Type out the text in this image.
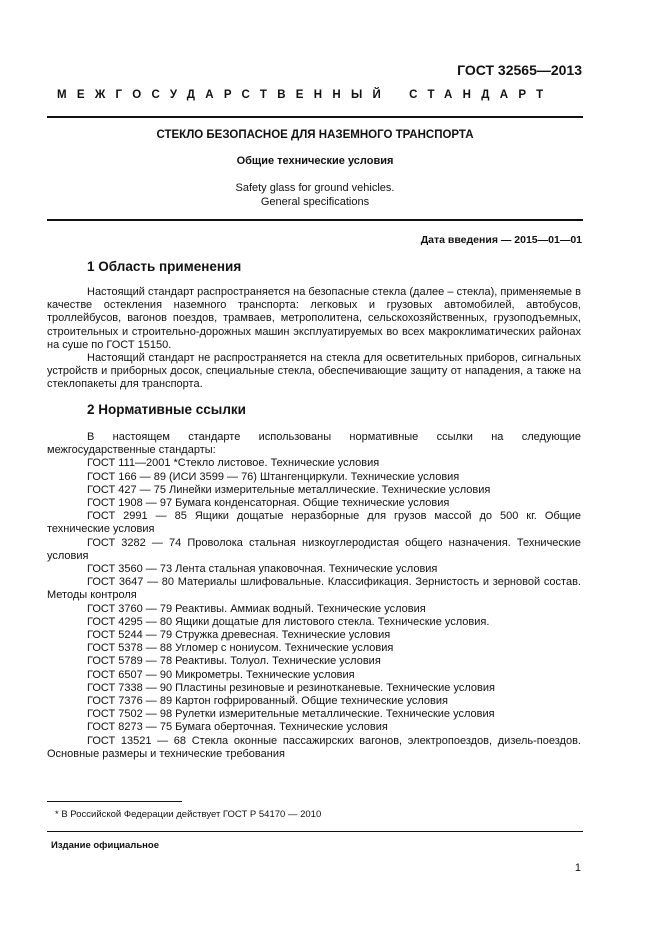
ГОСТ 32565—2013
МЕЖГОСУДАРСТВЕННЫЙ СТАНДАРТ
СТЕКЛО БЕЗОПАСНОЕ ДЛЯ НАЗЕМНОГО ТРАНСПОРТА
Общие технические условия
Safety glass for ground vehicles.
General specifications
Дата введения — 2015—01—01
1 Область применения

Настоящий стандарт распространяется на безопасные стекла (далее – стекла), применяемые в качестве остекления наземного транспорта: легковых и грузовых автомобилей, автобусов, троллейбусов, вагонов поездов, трамваев, метрополитена, сельскохозяйственных, грузоподъемных, строительных и строительно-дорожных машин эксплуатируемых во всех макроклиматических районах на суше по ГОСТ 15150.

Настоящий стандарт не распространяется на стекла для осветительных приборов, сигнальных устройств и приборных досок, специальные стекла, обеспечивающие защиту от нападения, а также на стеклопакеты для транспорта.

2 Нормативные ссылки

В настоящем стандарте использованы нормативные ссылки на следующие межгосударственные стандарты:

ГОСТ 111—2001 *Стекло листовое. Технические условия

ГОСТ 166 — 89 (ИСИ 3599 — 76) Штангенциркули. Технические условия

ГОСТ 427 — 75 Линейки измерительные металлические. Технические условия

ГОСТ 1908 — 97 Бумага конденсаторная. Общие технические условия

ГОСТ 2991 — 85 Ящики дощатые неразборные для грузов массой до 500 кг. Общие технические условия

ГОСТ 3282 — 74 Проволока стальная низкоуглеродистая общего назначения. Технические условия

ГОСТ 3560 — 73 Лента стальная упаковочная. Технические условия

ГОСТ 3647 — 80 Материалы шлифовальные. Классификация. Зернистость и зерновой состав. Методы контроля

ГОСТ 3760 — 79 Реактивы. Аммиак водный. Технические условия

ГОСТ 4295 — 80 Ящики дощатые для листового стекла. Технические условия.

ГОСТ 5244 — 79 Стружка древесная. Технические условия

ГОСТ 5378 — 88 Угломер с нониусом. Технические условия

ГОСТ 5789 — 78 Реактивы. Толуол. Технические условия

ГОСТ 6507 — 90 Микрометры. Технические условия

ГОСТ 7338 — 90 Пластины резиновые и резинотканевые. Технические условия

ГОСТ 7376 — 89 Картон гофрированный. Общие технические условия

ГОСТ 7502 — 98 Рулетки измерительные металлические. Технические условия

ГОСТ 8273 — 75 Бумага оберточная. Технические условия

ГОСТ 13521 — 68 Стекла оконные пассажирских вагонов, электропоездов, дизель-поездов. Основные размеры и технические требования

* В Российской Федерации действует ГОСТ Р 54170 — 2010
Издание официальное
1
